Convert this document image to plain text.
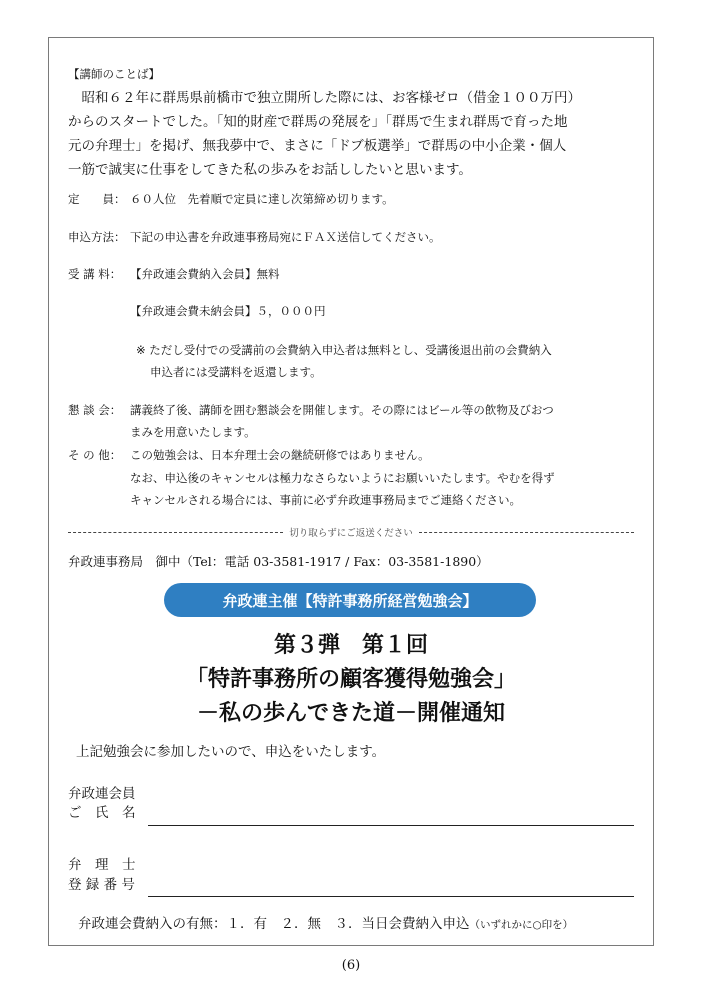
【講師のことば】

　昭和６２年に群馬県前橋市で独立開所した際には、お客様ゼロ（借金１００万円）

からのスタートでした。「知的財産で群馬の発展を」「群馬で生まれ群馬で育った地

元の弁理士」を掲げ、無我夢中で、まさに「ドブ板選挙」で群馬の中小企業・個人

一筋で誠実に仕事をしてきた私の歩みをお話ししたいと思います。

定　　員： ６０人位　先着順で定員に達し次第締め切ります。
申込方法： 下記の申込書を弁政連事務局宛にＦＡＸ送信してください。
受 講 料： 【弁政連会費納入会員】無料
【弁政連会費未納会員】５，０００円
※ ただし受付での受講前の会費納入申込者は無料とし、受講後退出前の会費納入
申込者には受講料を返還します。
懇 談 会： 講義終了後、講師を囲む懇談会を開催します。その際にはビール等の飲物及びおつ
まみを用意いたします。
そ の 他： この勉強会は、日本弁理士会の継続研修ではありません。
なお、申込後のキャンセルは極力なさらないようにお願いいたします。やむを得ず
キャンセルされる場合には、事前に必ず弁政連事務局までご連絡ください。
切り取らずにご返送ください
弁政連事務局　御中（Tel：電話 03-3581-1917 / Fax：03-3581-1890）
弁政連主催【特許事務所経営勉強会】
第３弾　第１回
「特許事務所の顧客獲得勉強会」
－私の歩んできた道－開催通知
上記勉強会に参加したいので、申込をいたします。
弁政連会員
ご　氏　名
弁　理　士
登 録 番 号
弁政連会費納入の有無：１．有　２．無　３．当日会費納入申込（いずれかに○印を）
(6)
